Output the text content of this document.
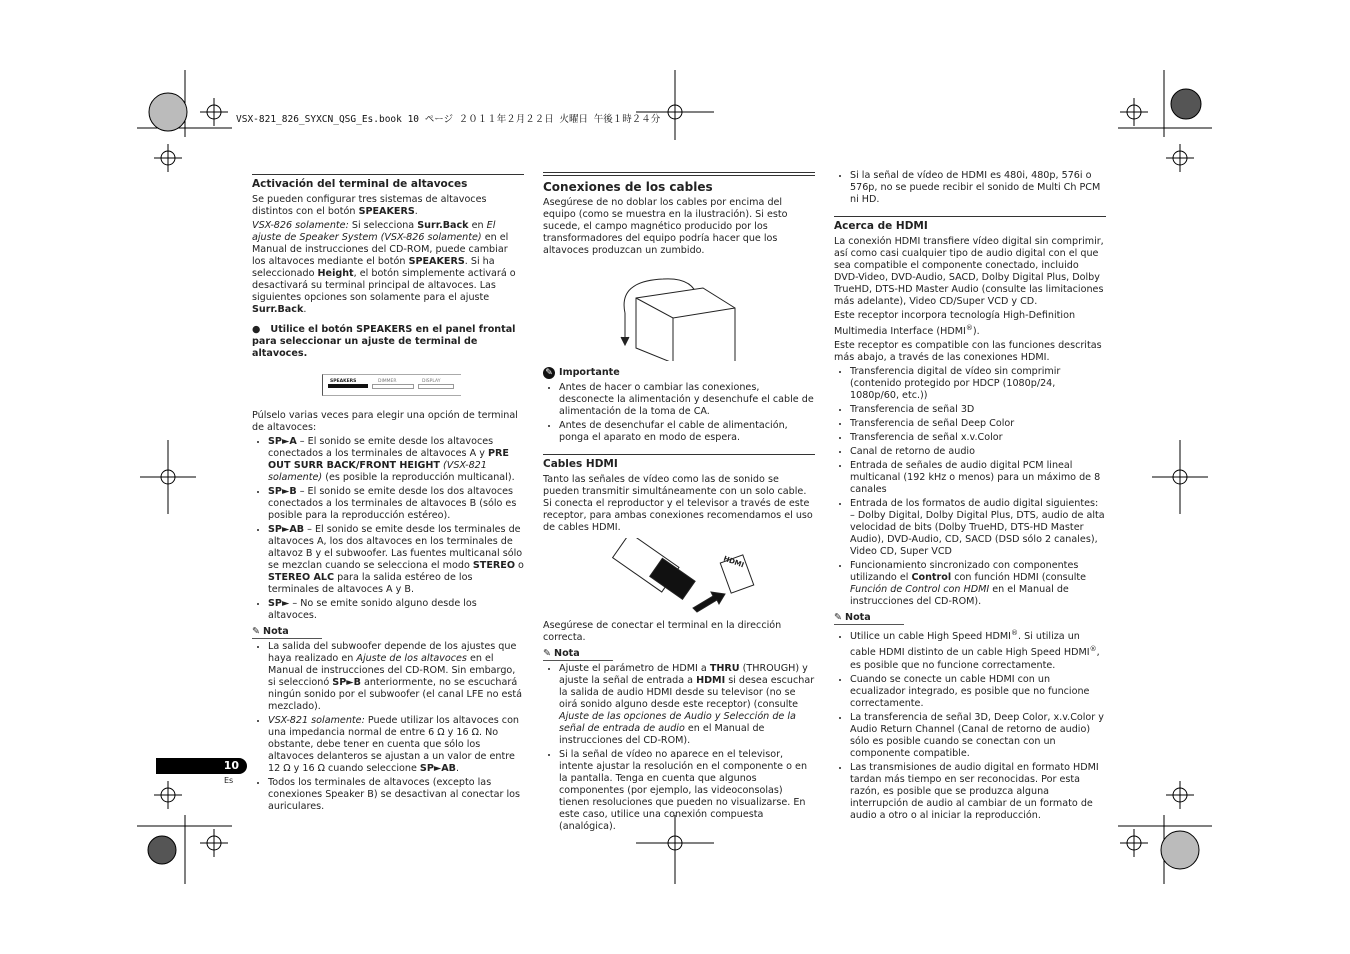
VSX-821_826_SYXCN_QSG_Es.book 10 ページ ２０１１年２月２２日 火曜日 午後１時２４分
Activación del terminal de altavoces

Se pueden configurar tres sistemas de altavoces distintos con el botón SPEAKERS.

VSX-826 solamente: Si selecciona Surr.Back en El ajuste de Speaker System (VSX-826 solamente) en el Manual de instrucciones del CD-ROM, puede cambiar los altavoces mediante el botón SPEAKERS. Si ha seleccionado Height, el botón simplemente activará o desactivará su terminal principal de altavoces. Las siguientes opciones son solamente para el ajuste Surr.Back.

● Utilice el botón SPEAKERS en el panel frontal para seleccionar un ajuste de terminal de altavoces.

SPEAKERS	DIMMER	DISPLAY

Púlselo varias veces para elegir una opción de terminal de altavoces:

• SP►A – El sonido se emite desde los altavoces conectados a los terminales de altavoces A y PRE OUT SURR BACK/FRONT HEIGHT (VSX-821 solamente) (es posible la reproducción multicanal).
• SP►B – El sonido se emite desde los dos altavoces conectados a los terminales de altavoces B (sólo es posible para la reproducción estéreo).
• SP►AB – El sonido se emite desde los terminales de altavoces A, los dos altavoces en los terminales de altavoz B y el subwoofer. Las fuentes multicanal sólo se mezclan cuando se selecciona el modo STEREO o STEREO ALC para la salida estéreo de los terminales de altavoces A y B.
• SP► – No se emite sonido alguno desde los altavoces.
✎ Nota
• La salida del subwoofer depende de los ajustes que haya realizado en Ajuste de los altavoces en el Manual de instrucciones del CD-ROM. Sin embargo, si seleccionó SP►B anteriormente, no se escuchará ningún sonido por el subwoofer (el canal LFE no está mezclado).
• VSX-821 solamente: Puede utilizar los altavoces con una impedancia normal de entre 6 Ω y 16 Ω. No obstante, debe tener en cuenta que sólo los altavoces delanteros se ajustan a un valor de entre 12 Ω y 16 Ω cuando seleccione SP►AB.
• Todos los terminales de altavoces (excepto las conexiones Speaker B) se desactivan al conectar los auriculares.
Conexiones de los cables

Asegúrese de no doblar los cables por encima del equipo (como se muestra en la ilustración). Si esto sucede, el campo magnético producido por los transformadores del equipo podría hacer que los altavoces produzcan un zumbido.

✎ Importante
• Antes de hacer o cambiar las conexiones, desconecte la alimentación y desenchufe el cable de alimentación de la toma de CA.
• Antes de desenchufar el cable de alimentación, ponga el aparato en modo de espera.
Cables HDMI

Tanto las señales de vídeo como las de sonido se pueden transmitir simultáneamente con un solo cable. Si conecta el reproductor y el televisor a través de este receptor, para ambas conexiones recomendamos el uso de cables HDMI.

HDMI

Asegúrese de conectar el terminal en la dirección correcta.

✎ Nota
• Ajuste el parámetro de HDMI a THRU (THROUGH) y ajuste la señal de entrada a HDMI si desea escuchar la salida de audio HDMI desde su televisor (no se oirá sonido alguno desde este receptor) (consulte Ajuste de las opciones de Audio y Selección de la señal de entrada de audio en el Manual de instrucciones del CD-ROM).
• Si la señal de vídeo no aparece en el televisor, intente ajustar la resolución en el componente o en la pantalla. Tenga en cuenta que algunos componentes (por ejemplo, las videoconsolas) tienen resoluciones que pueden no visualizarse. En este caso, utilice una conexión compuesta (analógica).
• Si la señal de vídeo de HDMI es 480i, 480p, 576i o 576p, no se puede recibir el sonido de Multi Ch PCM ni HD.
Acerca de HDMI

La conexión HDMI transfiere vídeo digital sin comprimir, así como casi cualquier tipo de audio digital con el que sea compatible el componente conectado, incluido DVD-Video, DVD-Audio, SACD, Dolby Digital Plus, Dolby TrueHD, DTS-HD Master Audio (consulte las limitaciones más adelante), Video CD/Super VCD y CD.

Este receptor incorpora tecnología High-Definition Multimedia Interface (HDMI®).

Este receptor es compatible con las funciones descritas más abajo, a través de las conexiones HDMI.

• Transferencia digital de vídeo sin comprimir (contenido protegido por HDCP (1080p/24, 1080p/60, etc.))
• Transferencia de señal 3D
• Transferencia de señal Deep Color
• Transferencia de señal x.v.Color
• Canal de retorno de audio
• Entrada de señales de audio digital PCM lineal multicanal (192 kHz o menos) para un máximo de 8 canales
• Entrada de los formatos de audio digital siguientes:
– Dolby Digital, Dolby Digital Plus, DTS, audio de alta velocidad de bits (Dolby TrueHD, DTS-HD Master Audio), DVD-Audio, CD, SACD (DSD sólo 2 canales), Video CD, Super VCD
• Funcionamiento sincronizado con componentes utilizando el Control con función HDMI (consulte Función de Control con HDMI en el Manual de instrucciones del CD-ROM).
✎ Nota
• Utilice un cable High Speed HDMI®. Si utiliza un cable HDMI distinto de un cable High Speed HDMI®, es posible que no funcione correctamente.
• Cuando se conecte un cable HDMI con un ecualizador integrado, es posible que no funcione correctamente.
• La transferencia de señal 3D, Deep Color, x.v.Color y Audio Return Channel (Canal de retorno de audio) sólo es posible cuando se conectan con un componente compatible.
• Las transmisiones de audio digital en formato HDMI tardan más tiempo en ser reconocidas. Por esta razón, es posible que se produzca alguna interrupción de audio al cambiar de un formato de audio a otro o al iniciar la reproducción.
10
Es
